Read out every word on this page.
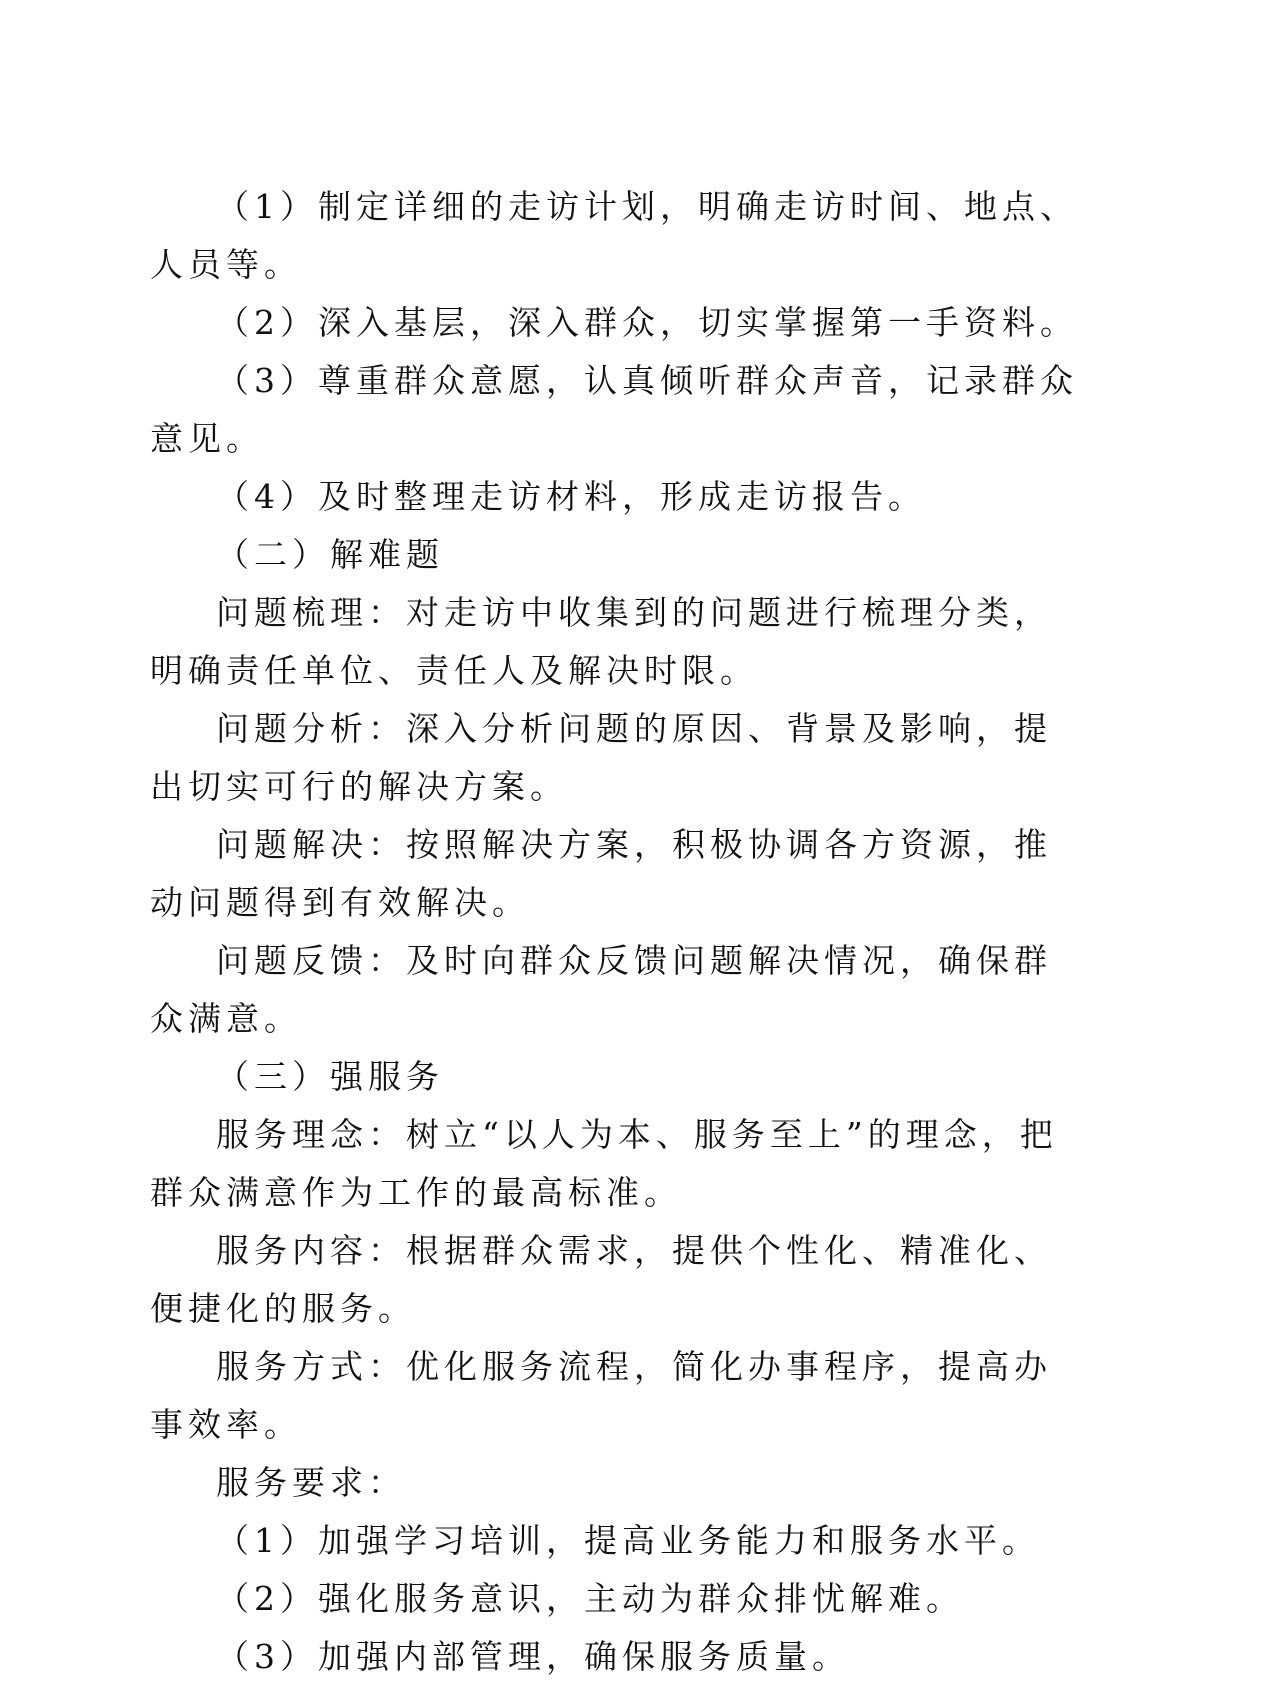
（1）制定详细的走访计划，明确走访时间、地点、人员等。

（2）深入基层，深入群众，切实掌握第一手资料。

（3）尊重群众意愿，认真倾听群众声音，记录群众意见。

（4）及时整理走访材料，形成走访报告。

（二）解难题

问题梳理：对走访中收集到的问题进行梳理分类，明确责任单位、责任人及解决时限。

问题分析：深入分析问题的原因、背景及影响，提出切实可行的解决方案。

问题解决：按照解决方案，积极协调各方资源，推动问题得到有效解决。

问题反馈：及时向群众反馈问题解决情况，确保群众满意。

（三）强服务

服务理念：树立“以人为本、服务至上”的理念，把群众满意作为工作的最高标准。

服务内容：根据群众需求，提供个性化、精准化、便捷化的服务。

服务方式：优化服务流程，简化办事程序，提高办事效率。

服务要求：

（1）加强学习培训，提高业务能力和服务水平。

（2）强化服务意识，主动为群众排忧解难。

（3）加强内部管理，确保服务质量。
